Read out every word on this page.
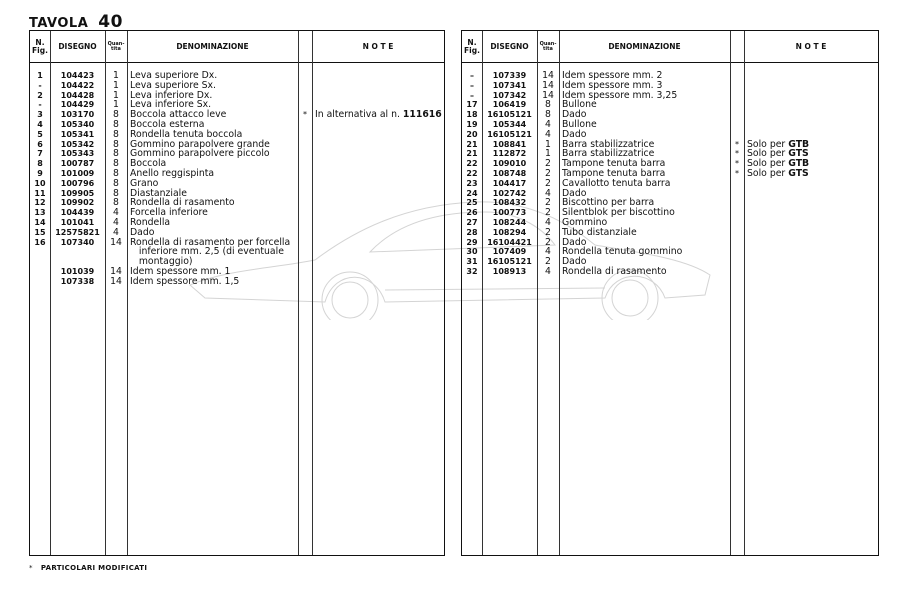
TAVOLA 40
N.
Fig.	DISEGNO	Quan-
tita	DENOMINAZIONE	N O T E
1	104423	1	Leva superiore Dx.
-	104422	1	Leva superiore Sx.
2	104428	1	Leva inferiore Dx.
-	104429	1	Leva inferiore Sx.
3	103170	8	Boccola attacco leve	* In alternativa al n. 111616
4	105340	8	Boccola esterna
5	105341	8	Rondella tenuta boccola
6	105342	8	Gommino parapolvere grande
7	105343	8	Gommino parapolvere piccolo
8	100787	8	Boccola
9	101009	8	Anello reggispinta
10	100796	8	Grano
11	109905	8	Diastanziale
12	109902	8	Rondella di rasamento
13	104439	4	Forcella inferiore
14	101041	4	Rondella
15	12575821	4	Dado
16	107340	14 Rondella di rasamento per forcella
inferiore mm. 2,5 (di eventuale
montaggio)
101039	14 Idem spessore mm. 1
107338	14 Idem spessore mm. 1,5
N.
Fig.	DISEGNO	Quan-
tita	DENOMINAZIONE	N O T E
–	107339	14 Idem spessore mm. 2
–	107341	14 Idem spessore mm. 3
–	107342	14 Idem spessore mm. 3,25
17	106419	8	Bullone
18	16105121	8	Dado
19	105344	4	Bullone
20	16105121	4	Dado
21	108841	1	Barra stabilizzatrice	* Solo per GTB
21	112872	1	Barra stabilizzatrice	* Solo per GTS
22	109010	2	Tampone tenuta barra	* Solo per GTB
22	108748	2	Tampone tenuta barra	* Solo per GTS
23	104417	2	Cavallotto tenuta barra
24	102742	4	Dado
25	108432	2	Biscottino per barra
26	100773	2	Silentblok per biscottino
27	108244	4	Gommino
28	108294	2	Tubo distanziale
29	16104421	2	Dado
30	107409	4	Rondella tenuta gommino
31	16105121	2	Dado
32	108913	4	Rondella di rasamento
* PARTICOLARI MODIFICATI
